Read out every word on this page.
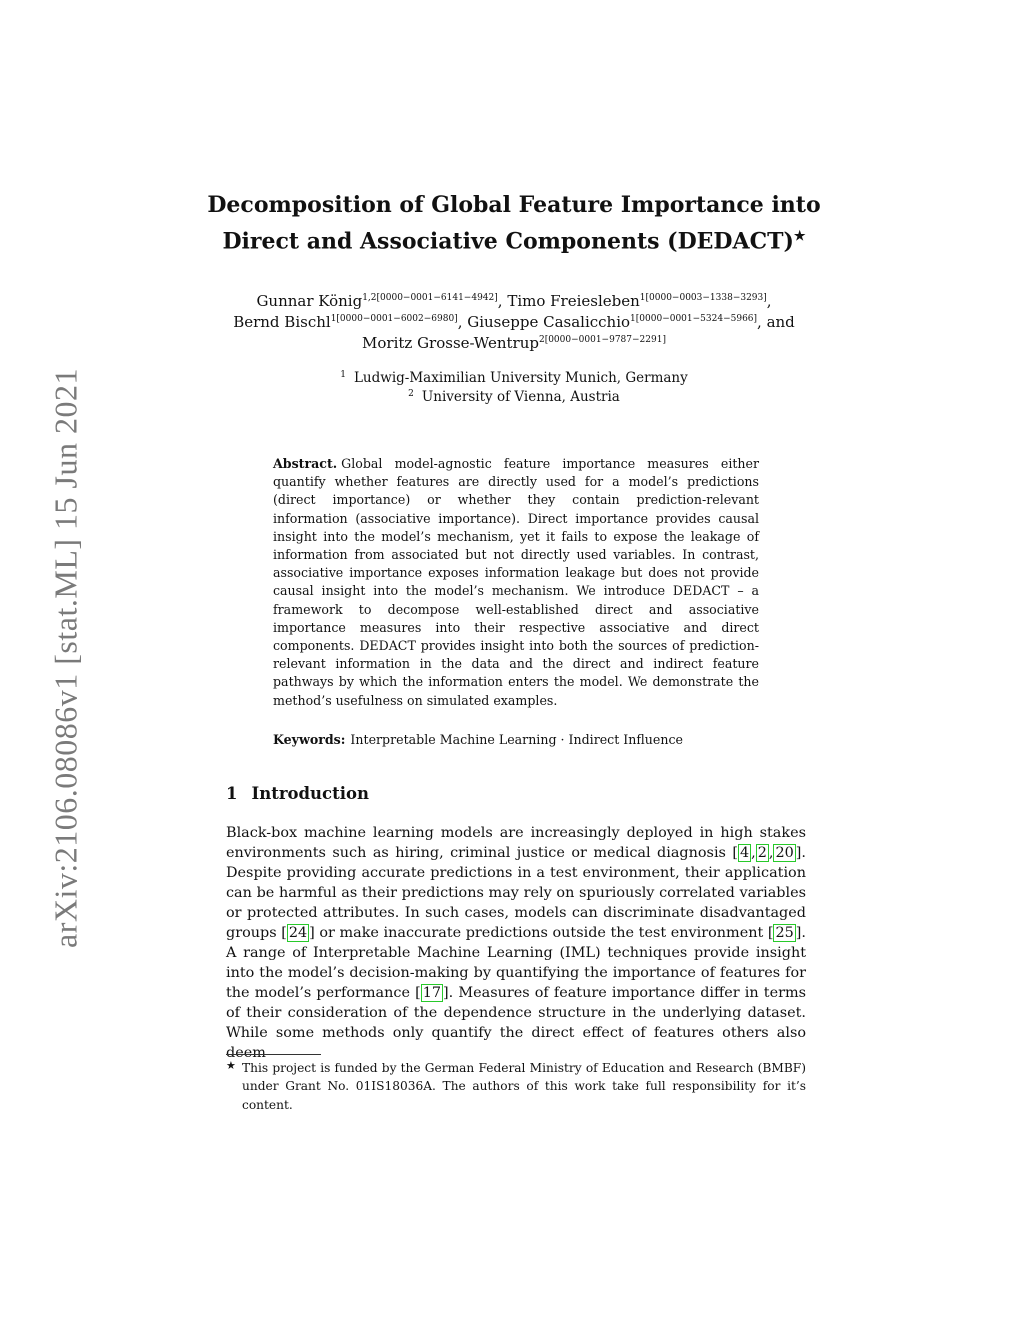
arXiv:2106.08086v1 [stat.ML] 15 Jun 2021
Decomposition of Global Feature Importance into
Direct and Associative Components (DEDACT)★
Gunnar König$^{1,2[0000-0001-6141-4942]}$, Timo Freiesleben$^{1[0000-0003-1338-3293]}$,
Bernd Bischl$^{1[0000-0001-6002-6980]}$, Giuseppe Casalicchio$^{1[0000-0001-5324-5966]}$, and
Moritz Grosse-Wentrup$^{2[0000-0001-9787-2291]}$
$^1$ Ludwig-Maximilian University Munich, Germany
$^2$ University of Vienna, Austria
Abstract. Global model-agnostic feature importance measures either quantify whether features are directly used for a model’s predictions (direct importance) or whether they contain prediction-relevant information (associative importance). Direct importance provides causal insight into the model’s mechanism, yet it fails to expose the leakage of information from associated but not directly used variables. In contrast, associative importance exposes information leakage but does not provide causal insight into the model’s mechanism. We introduce DEDACT – a framework to decompose well-established direct and associative importance measures into their respective associative and direct components. DEDACT provides insight into both the sources of prediction-relevant information in the data and the direct and indirect feature pathways by which the information enters the model. We demonstrate the method’s usefulness on simulated examples.
Keywords: Interpretable Machine Learning · Indirect Influence
1 Introduction
Black-box machine learning models are increasingly deployed in high stakes environments such as hiring, criminal justice or medical diagnosis [ 4 , 2 , 20 ]. Despite providing accurate predictions in a test environment, their application can be harmful as their predictions may rely on spuriously correlated variables or protected attributes. In such cases, models can discriminate disadvantaged groups [ 24 ] or make inaccurate predictions outside the test environment [ 25 ]. A range of Interpretable Machine Learning (IML) techniques provide insight into the model’s decision-making by quantifying the importance of features for the model’s performance [ 17 ]. Measures of feature importance differ in terms of their consideration of the dependence structure in the underlying dataset. While some methods only quantify the direct effect of features others also deem
★ This project is funded by the German Federal Ministry of Education and Research (BMBF) under Grant No. 01IS18036A. The authors of this work take full responsibility for it’s content.
